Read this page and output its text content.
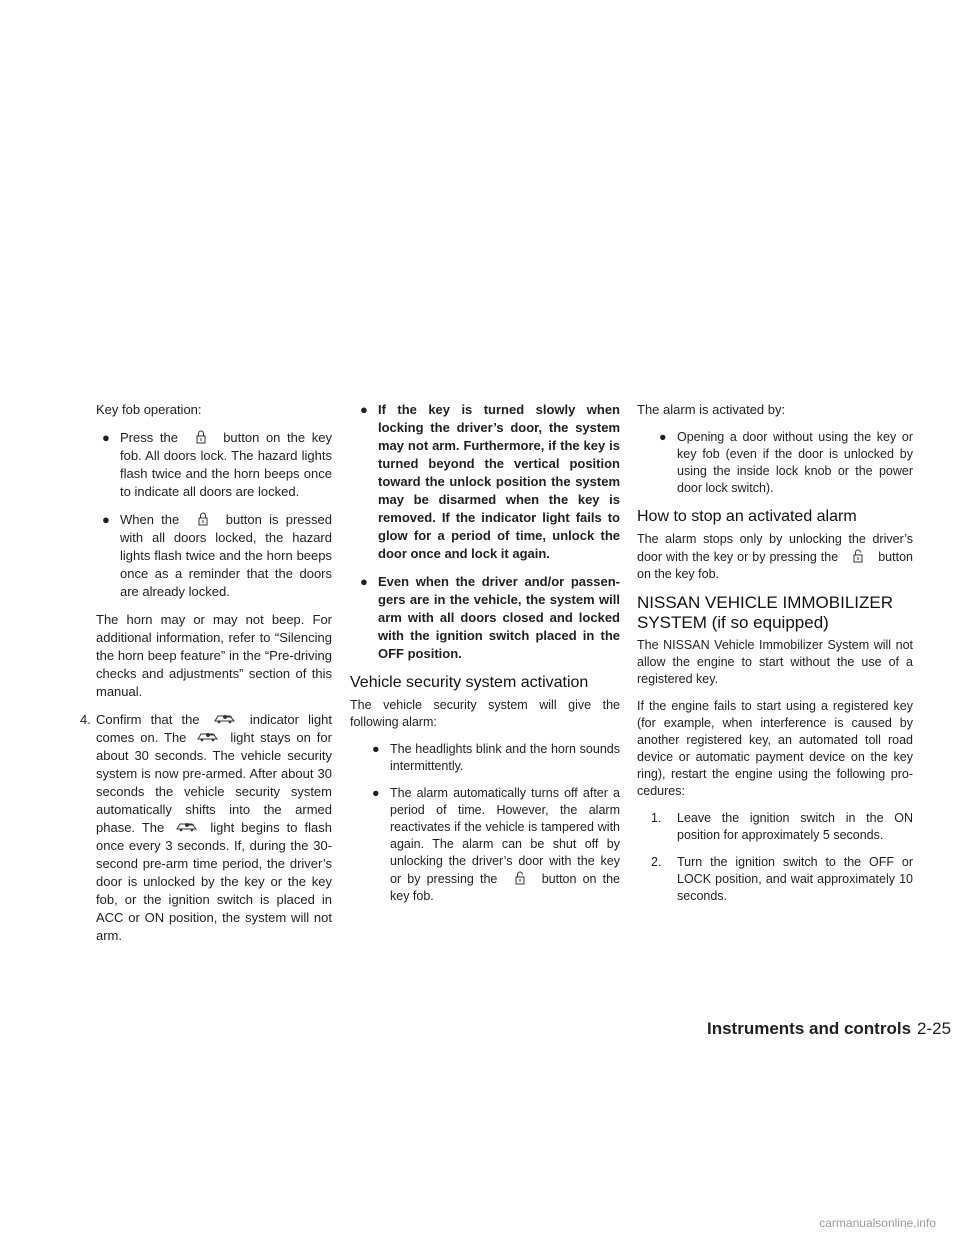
Key fob operation:

● Press the	button on the key fob. All doors lock. The hazard lights flash twice and the horn beeps once to indicate all doors are locked.
● When the	button is pressed with all doors locked, the hazard lights flash twice and the horn beeps once as a reminder that the doors are already locked.

The horn may or may not beep. For additional information, refer to “Silencing the horn beep feature” in the “Pre-driving checks and adjustments” section of this manual.

4. Confirm that the	indicator light comes on. The	light stays on for about 30 seconds. The vehicle security system is now pre-armed. After about 30 seconds the vehicle security system automatically shifts into the armed phase. The	light begins to flash once every 3 seconds. If, during the 30-second pre-arm time period, the driver’s door is unlocked by the key or the key fob, or the ignition switch is placed in ACC or ON position, the system will not arm.
● If the key is turned slowly when locking the driver’s door, the system may not arm. Furthermore, if the key is turned beyond the vertical position toward the unlock position the system may be disarmed when the key is removed. If the indicator light fails to glow for a period of time, unlock the door once and lock it again.
● Even when the driver and/or passengers are in the vehicle, the system will arm with all doors closed and locked with the ignition switch placed in the OFF position.
Vehicle security system activation

The vehicle security system will give the following alarm:

● The headlights blink and the horn sounds intermittently.
● The alarm automatically turns off after a period of time. However, the alarm reactivates if the vehicle is tampered with again. The alarm can be shut off by unlocking the driver’s door with the key or by pressing the	button on the key fob.

The alarm is activated by:

● Opening a door without using the key or key fob (even if the door is unlocked by using the inside lock knob or the power door lock switch).
How to stop an activated alarm

The alarm stops only by unlocking the driver’s door with the key or by pressing the	button on the key fob.

NISSAN VEHICLE IMMOBILIZER
SYSTEM (if so equipped)

The NISSAN Vehicle Immobilizer System will not allow the engine to start without the use of a registered key.

If the engine fails to start using a registered key (for example, when interference is caused by another registered key, an automated toll road device or automatic payment device on the key ring), restart the engine using the following procedures:

1. Leave the ignition switch in the ON position for approximately 5 seconds.
2. Turn the ignition switch to the OFF or LOCK position, and wait approximately 10 seconds.
Instruments and controls 2-25
carmanualsonline.info
